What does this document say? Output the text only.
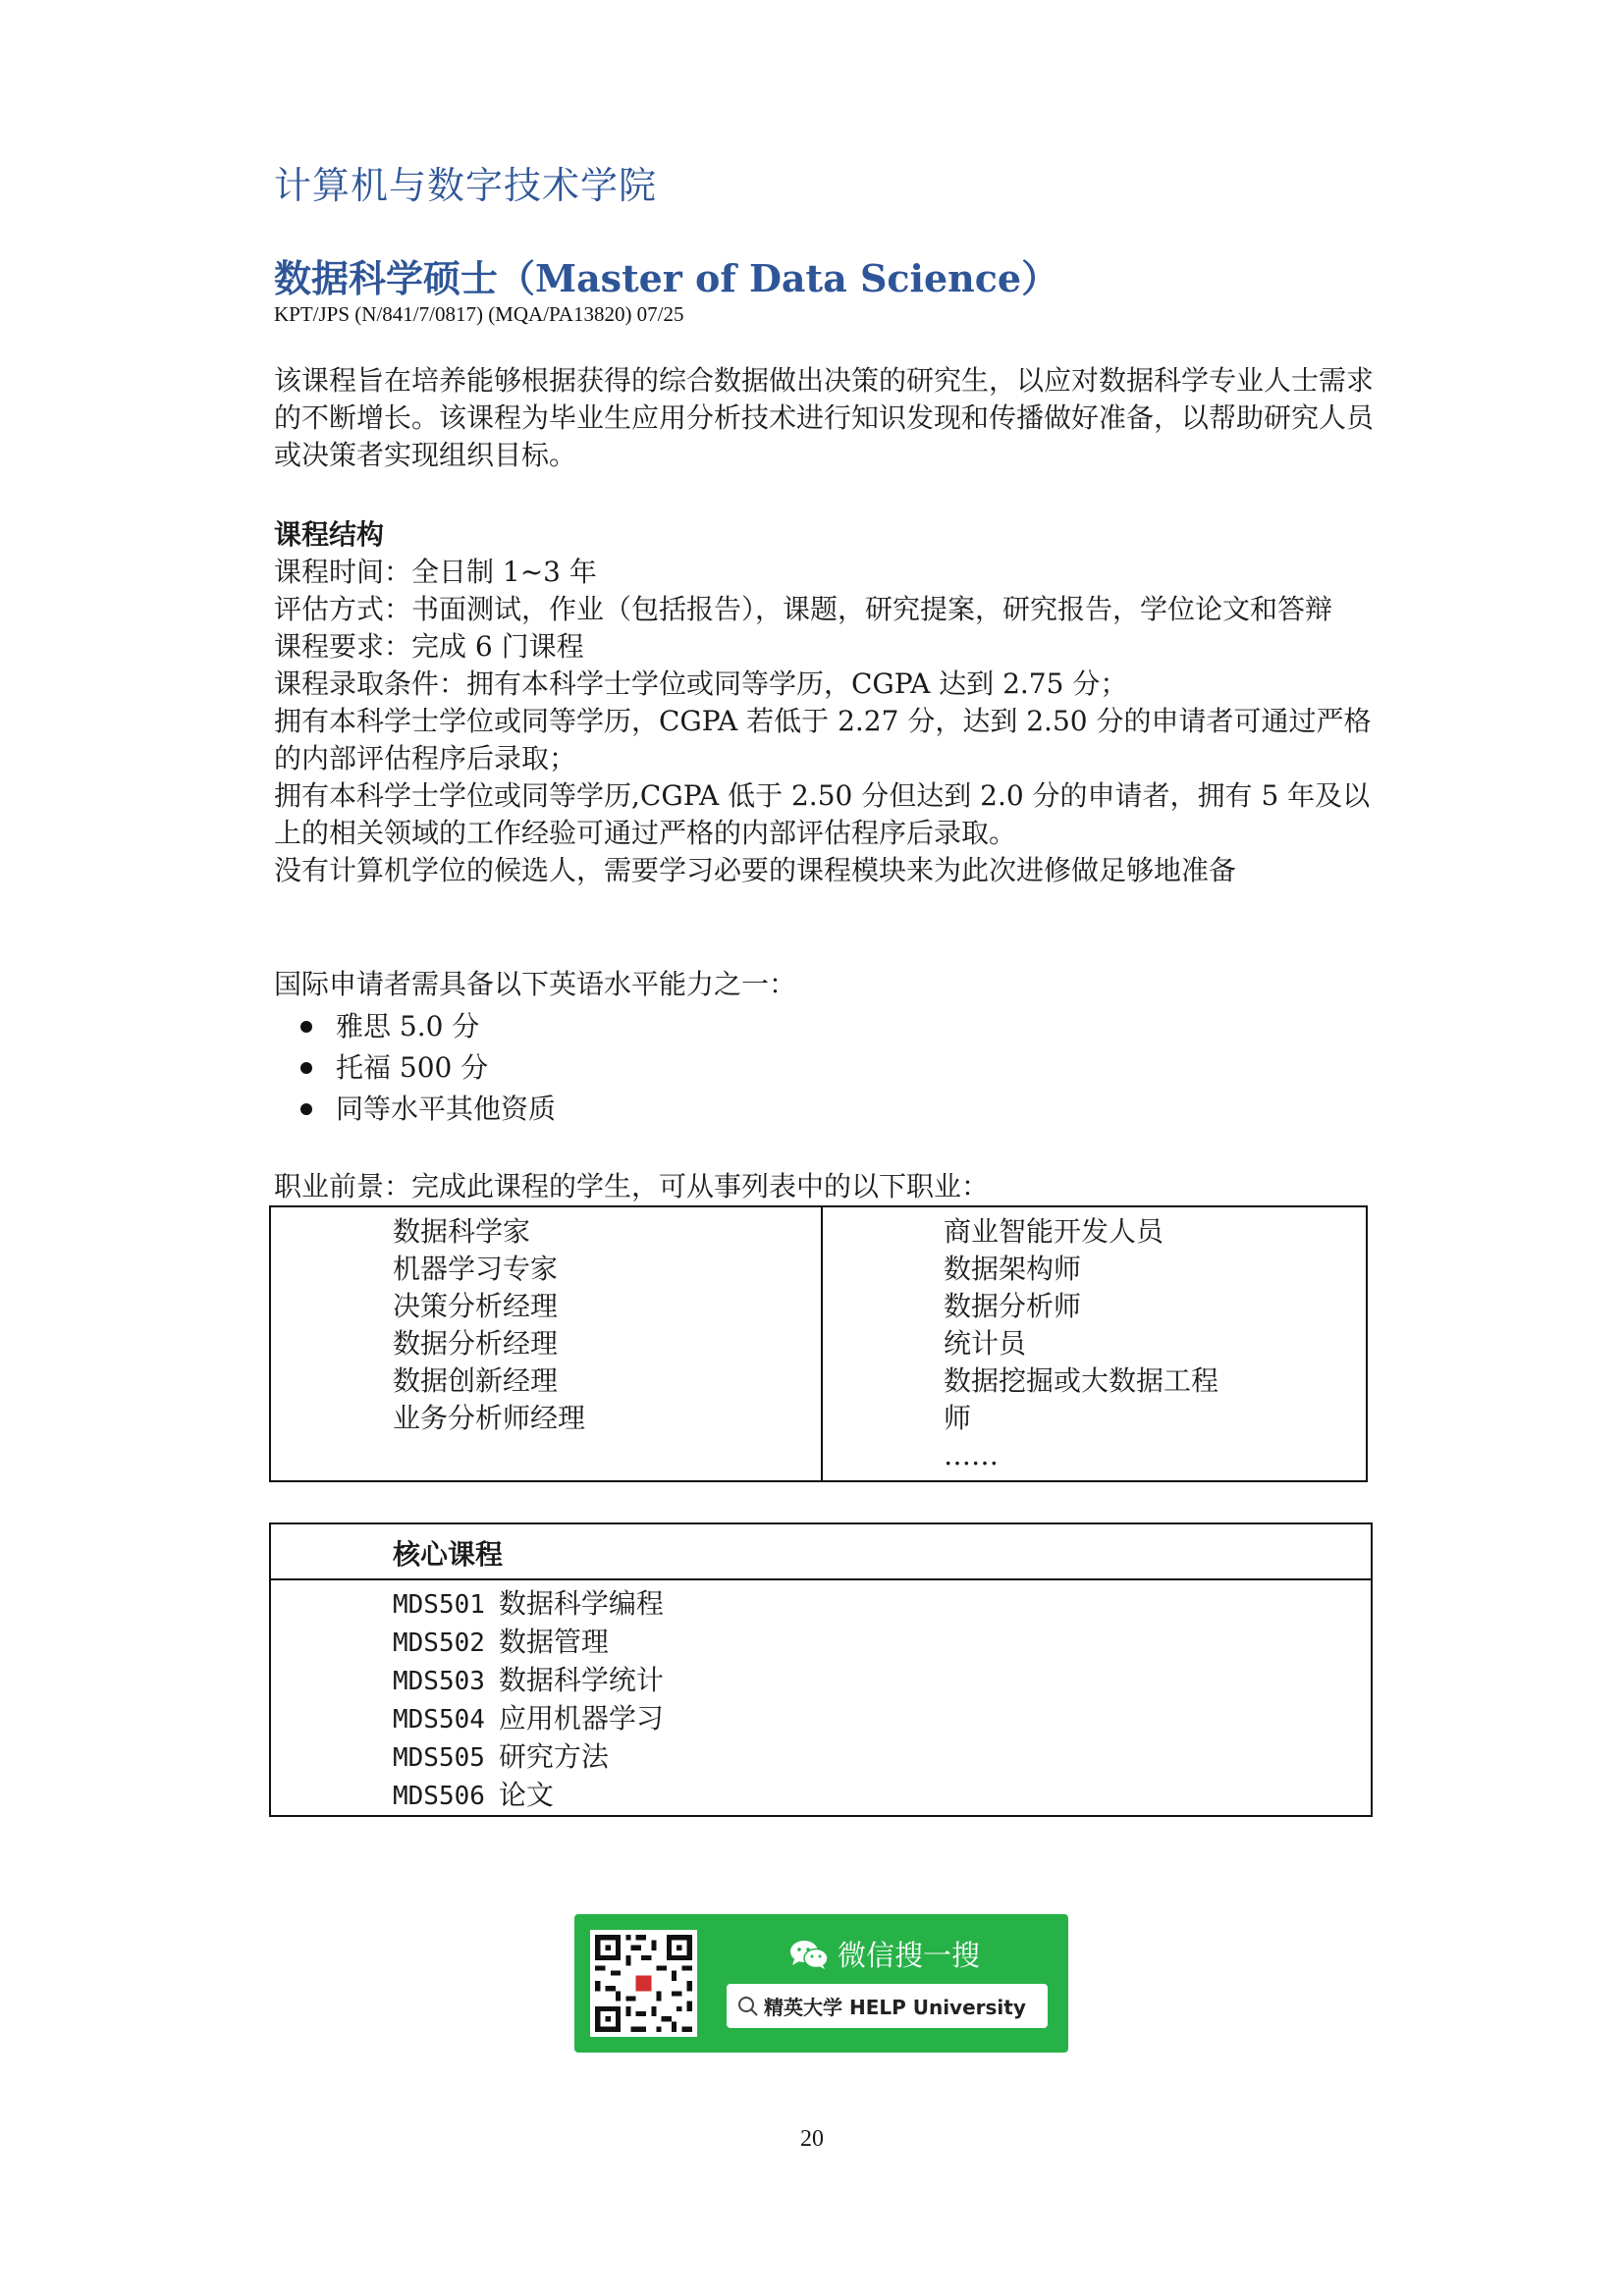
计算机与数字技术学院
数据科学硕士（Master of Data Science）
KPT/JPS (N/841/7/0817) (MQA/PA13820) 07/25
该课程旨在培养能够根据获得的综合数据做出决策的研究生，以应对数据科学专业人士需求的不断增长。该课程为毕业生应用分析技术进行知识发现和传播做好准备，以帮助研究人员或决策者实现组织目标。

课程结构

课程时间：全日制 1~3 年

评估方式：书面测试，作业（包括报告），课题，研究提案，研究报告，学位论文和答辩

课程要求：完成 6 门课程

课程录取条件：拥有本科学士学位或同等学历，CGPA 达到 2.75 分；

拥有本科学士学位或同等学历，CGPA 若低于 2.27 分，达到 2.50 分的申请者可通过严格的内部评估程序后录取；

拥有本科学士学位或同等学历,CGPA 低于 2.50 分但达到 2.0 分的申请者，拥有 5 年及以上的相关领域的工作经验可通过严格的内部评估程序后录取。

没有计算机学位的候选人，需要学习必要的课程模块来为此次进修做足够地准备

国际申请者需具备以下英语水平能力之一：
雅思 5.0 分
托福 500 分
同等水平其他资质
职业前景：完成此课程的学生，可从事列表中的以下职业：
数据科学家
机器学习专家
决策分析经理
数据分析经理
数据创新经理
业务分析师经理
商业智能开发人员
数据架构师
数据分析师
统计员
数据挖掘或大数据工程
师
……
核心课程
MDS501 数据科学编程
MDS502 数据管理
MDS503 数据科学统计
MDS504 应用机器学习
MDS505 研究方法
MDS506 论文
微信搜一搜
精英大学 HELP University
20
